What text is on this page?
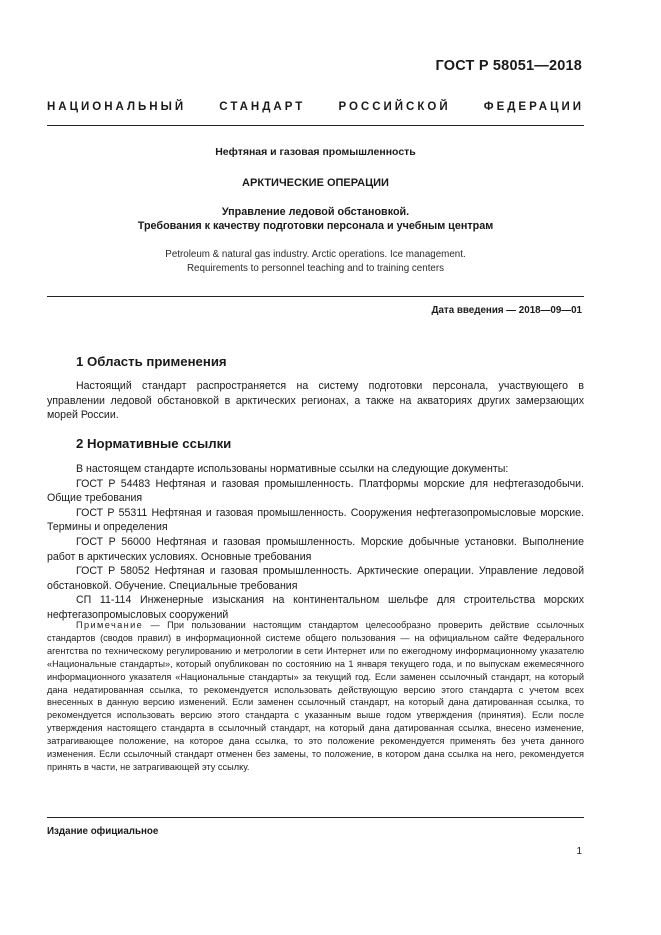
ГОСТ Р 58051—2018
НАЦИОНАЛЬНЫЙ СТАНДАРТ РОССИЙСКОЙ ФЕДЕРАЦИИ
Нефтяная и газовая промышленность
АРКТИЧЕСКИЕ ОПЕРАЦИИ
Управление ледовой обстановкой.
Требования к качеству подготовки персонала и учебным центрам
Petroleum & natural gas industry. Arctic operations. Ice management.
Requirements to personnel teaching and to training centers
Дата введения — 2018—09—01
1 Область применения

Настоящий стандарт распространяется на систему подготовки персонала, участвующего в управлении ледовой обстановкой в арктических регионах, а также на акваториях других замерзающих морей России.

2 Нормативные ссылки

В настоящем стандарте использованы нормативные ссылки на следующие документы:

ГОСТ Р 54483 Нефтяная и газовая промышленность. Платформы морские для нефтегазодобычи. Общие требования

ГОСТ Р 55311 Нефтяная и газовая промышленность. Сооружения нефтегазопромысловые морские. Термины и определения

ГОСТ Р 56000 Нефтяная и газовая промышленность. Морские добычные установки. Выполнение работ в арктических условиях. Основные требования

ГОСТ Р 58052 Нефтяная и газовая промышленность. Арктические операции. Управление ледовой обстановкой. Обучение. Специальные требования

СП 11-114 Инженерные изыскания на континентальном шельфе для строительства морских нефтегазопромысловых сооружений

Примечание — При пользовании настоящим стандартом целесообразно проверить действие ссылочных стандартов (сводов правил) в информационной системе общего пользования — на официальном сайте Федерального агентства по техническому регулированию и метрологии в сети Интернет или по ежегодному информационному указателю «Национальные стандарты», который опубликован по состоянию на 1 января текущего года, и по выпускам ежемесячного информационного указателя «Национальные стандарты» за текущий год. Если заменен ссылочный стандарт, на который дана недатированная ссылка, то рекомендуется использовать действующую версию этого стандарта с учетом всех внесенных в данную версию изменений. Если заменен ссылочный стандарт, на который дана датированная ссылка, то рекомендуется использовать версию этого стандарта с указанным выше годом утверждения (принятия). Если после утверждения настоящего стандарта в ссылочный стандарт, на который дана датированная ссылка, внесено изменение, затрагивающее положение, на которое дана ссылка, то это положение рекомендуется применять без учета данного изменения. Если ссылочный стандарт отменен без замены, то положение, в котором дана ссылка на него, рекомендуется принять в части, не затрагивающей эту ссылку.
Издание официальное
1
